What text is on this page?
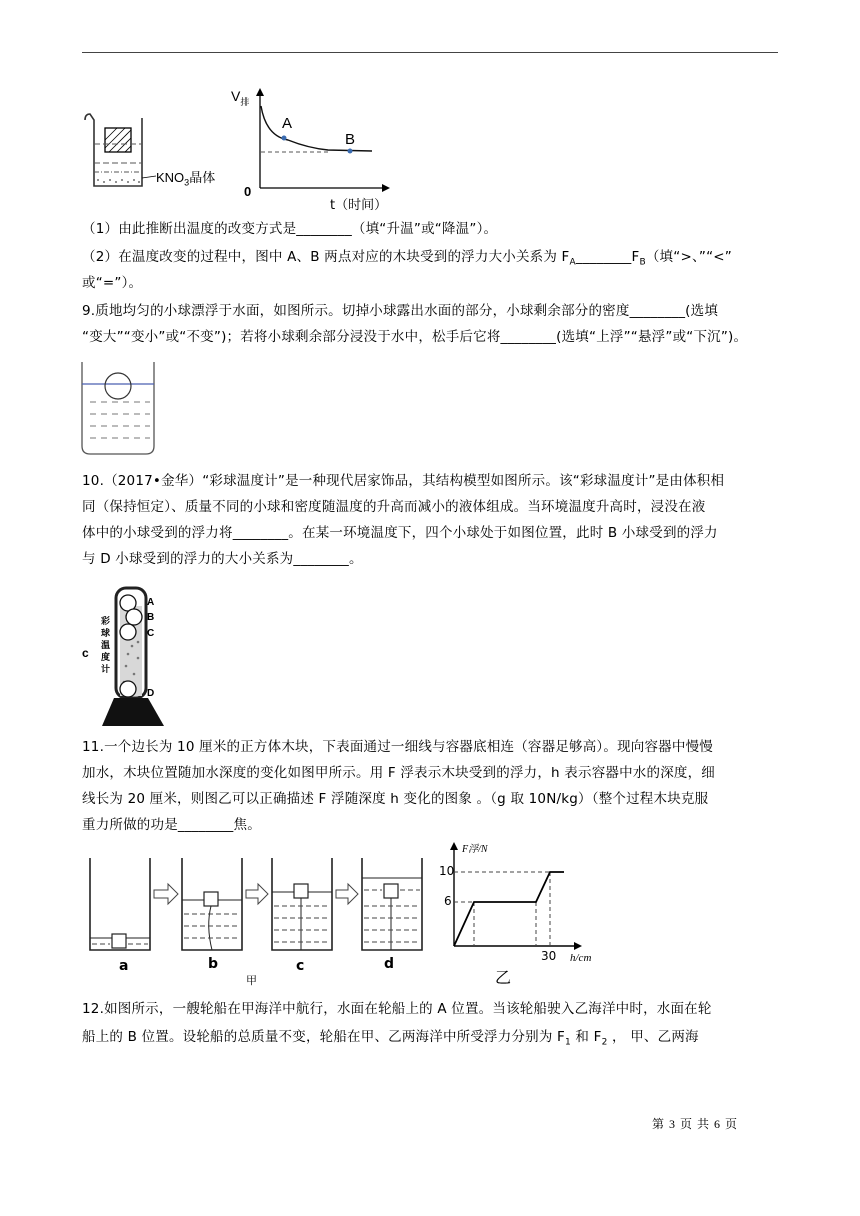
$KNO_3$晶体
$V_排$
A
B
0
t（时间）
（1）由此推断出温度的改变方式是________（填“升温”或“降温”）。
（2）在温度改变的过程中，图中 A、B 两点对应的木块受到的浮力大小关系为 $F_A\_\_\_\_\_\_\_\_F_B$（填“>、”“<”
或“=”）。
9.质地均匀的小球漂浮于水面，如图所示。切掉小球露出水面的部分，小球剩余部分的密度________(选填
“变大”“变小”或“不变”)；若将小球剩余部分浸没于水中，松手后它将________(选填“上浮”“悬浮”或“下沉”)。
10.（2017•金华）“彩球温度计”是一种现代居家饰品，其结构模型如图所示。该“彩球温度计”是由体积相
同（保持恒定）、质量不同的小球和密度随温度的升高而减小的液体组成。当环境温度升高时，浸没在液
体中的小球受到的浮力将________。在某一环境温度下，四个小球处于如图位置，此时 B 小球受到的浮力
与 D 小球受到的浮力的大小关系为________。
彩球温度计
c
A
B
C
D
11.一个边长为 10 厘米的正方体木块，下表面通过一细线与容器底相连（容器足够高）。现向容器中慢慢
加水，木块位置随加水深度的变化如图甲所示。用 F 浮表示木块受到的浮力，h 表示容器中水的深度，细
线长为 20 厘米，则图乙可以正确描述 F 浮随深度 h 变化的图象 。（g 取 10N/kg）（整个过程木块克服
重力所做的功是________焦。
a	b	c	d
甲
F浮/N
10
6
30 h/cm
乙
12.如图所示，一艘轮船在甲海洋中航行，水面在轮船上的 A 位置。当该轮船驶入乙海洋中时，水面在轮
船上的 B 位置。设轮船的总质量不变，轮船在甲、乙两海洋中所受浮力分别为 $F_1$ 和 $F_2$ ， 甲、乙两海
第 3 页 共 6 页
